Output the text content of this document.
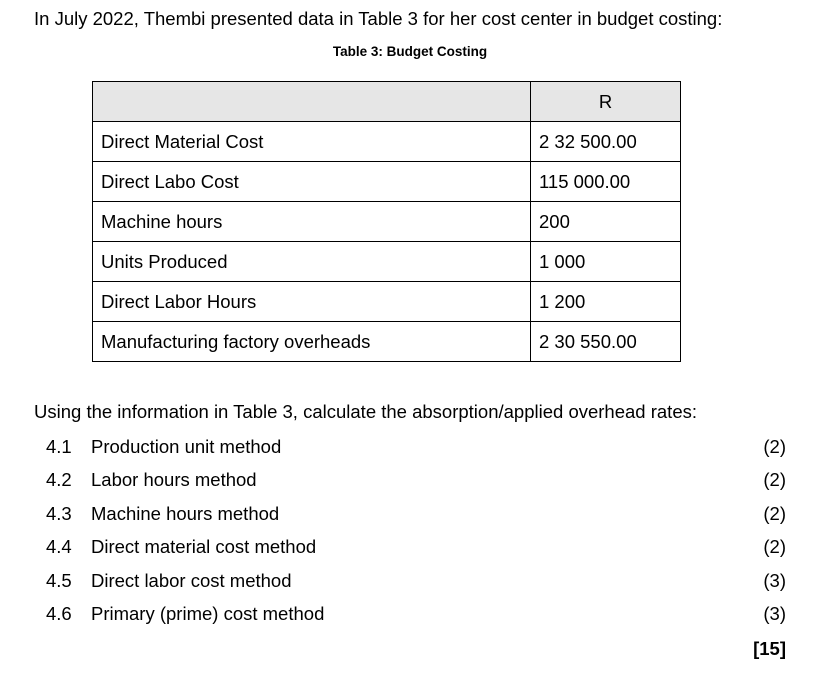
In July 2022, Thembi presented data in Table 3 for her cost center in budget costing:

Table 3: Budget Costing

	R
Direct Material Cost	2 32 500.00
Direct Labo Cost	115 000.00
Machine hours	200
Units Produced	1 000
Direct Labor Hours	1 200
Manufacturing factory overheads	2 30 550.00

Using the information in Table 3, calculate the absorption/applied overhead rates:

4.1 Production unit method	(2)
4.2 Labor hours method	(2)
4.3 Machine hours method	(2)
4.4 Direct material cost method	(2)
4.5 Direct labor cost method	(3)
4.6 Primary (prime) cost method	(3)

[15]
